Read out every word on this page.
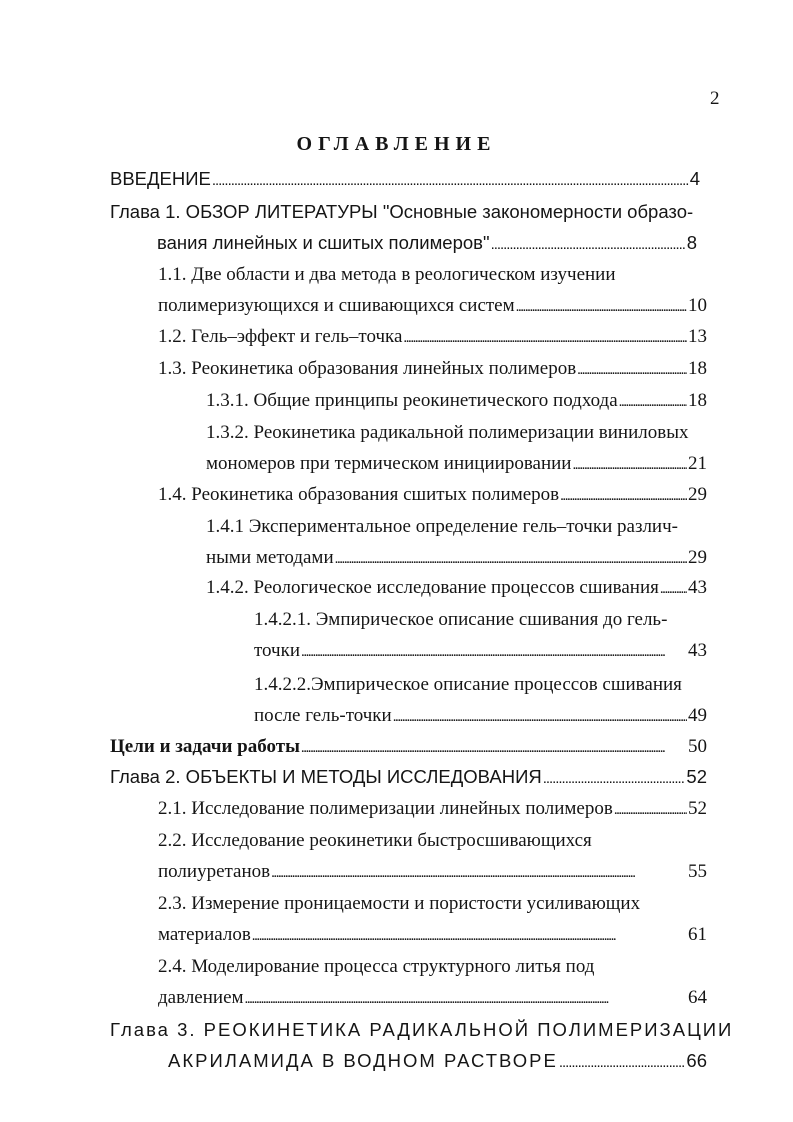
2
ОГЛАВЛЕНИЕ
ВВЕДЕНИЕ . . .	4
Глава 1. ОБЗОР ЛИТЕРАТУРЫ "Основные закономерности образо-
вания линейных и сшитых полимеров" . . .	8
1.1. Две области и два метода в реологическом изучении
полимеризующихся и сшивающихся систем . . .	10
1.2. Гель–эффект и гель–точка . . .	13
1.3. Реокинетика образования линейных полимеров . . .	18
1.3.1. Общие принципы реокинетического подхода . . .	18
1.3.2. Реокинетика радикальной полимеризации виниловых
мономеров при термическом инициировании . . .	21
1.4. Реокинетика образования сшитых полимеров . . .	29
1.4.1 Экспериментальное определение гель–точки различ-
ными методами . . .	29
1.4.2. Реологическое исследование процессов сшивания . . . 43
1.4.2.1. Эмпирическое описание сшивания до гель-
точки . . .	43
1.4.2.2.Эмпирическое описание процессов сшивания
после гель-точки . . .	49
Цели и задачи работы . . .	50
Глава 2. ОБЪЕКТЫ И МЕТОДЫ ИССЛЕДОВАНИЯ . . .	52
2.1. Исследование полимеризации линейных полимеров . . .	52
2.2. Исследование реокинетики быстросшивающихся
полиуретанов . . .	55
2.3. Измерение проницаемости и пористости усиливающих
материалов . . .	61
2.4. Моделирование процесса структурного литья под
давлением . . .	64
Глава 3. РЕОКИНЕТИКА РАДИКАЛЬНОЙ ПОЛИМЕРИЗАЦИИ
АКРИЛАМИДА В ВОДНОМ РАСТВОРЕ . . .	66
